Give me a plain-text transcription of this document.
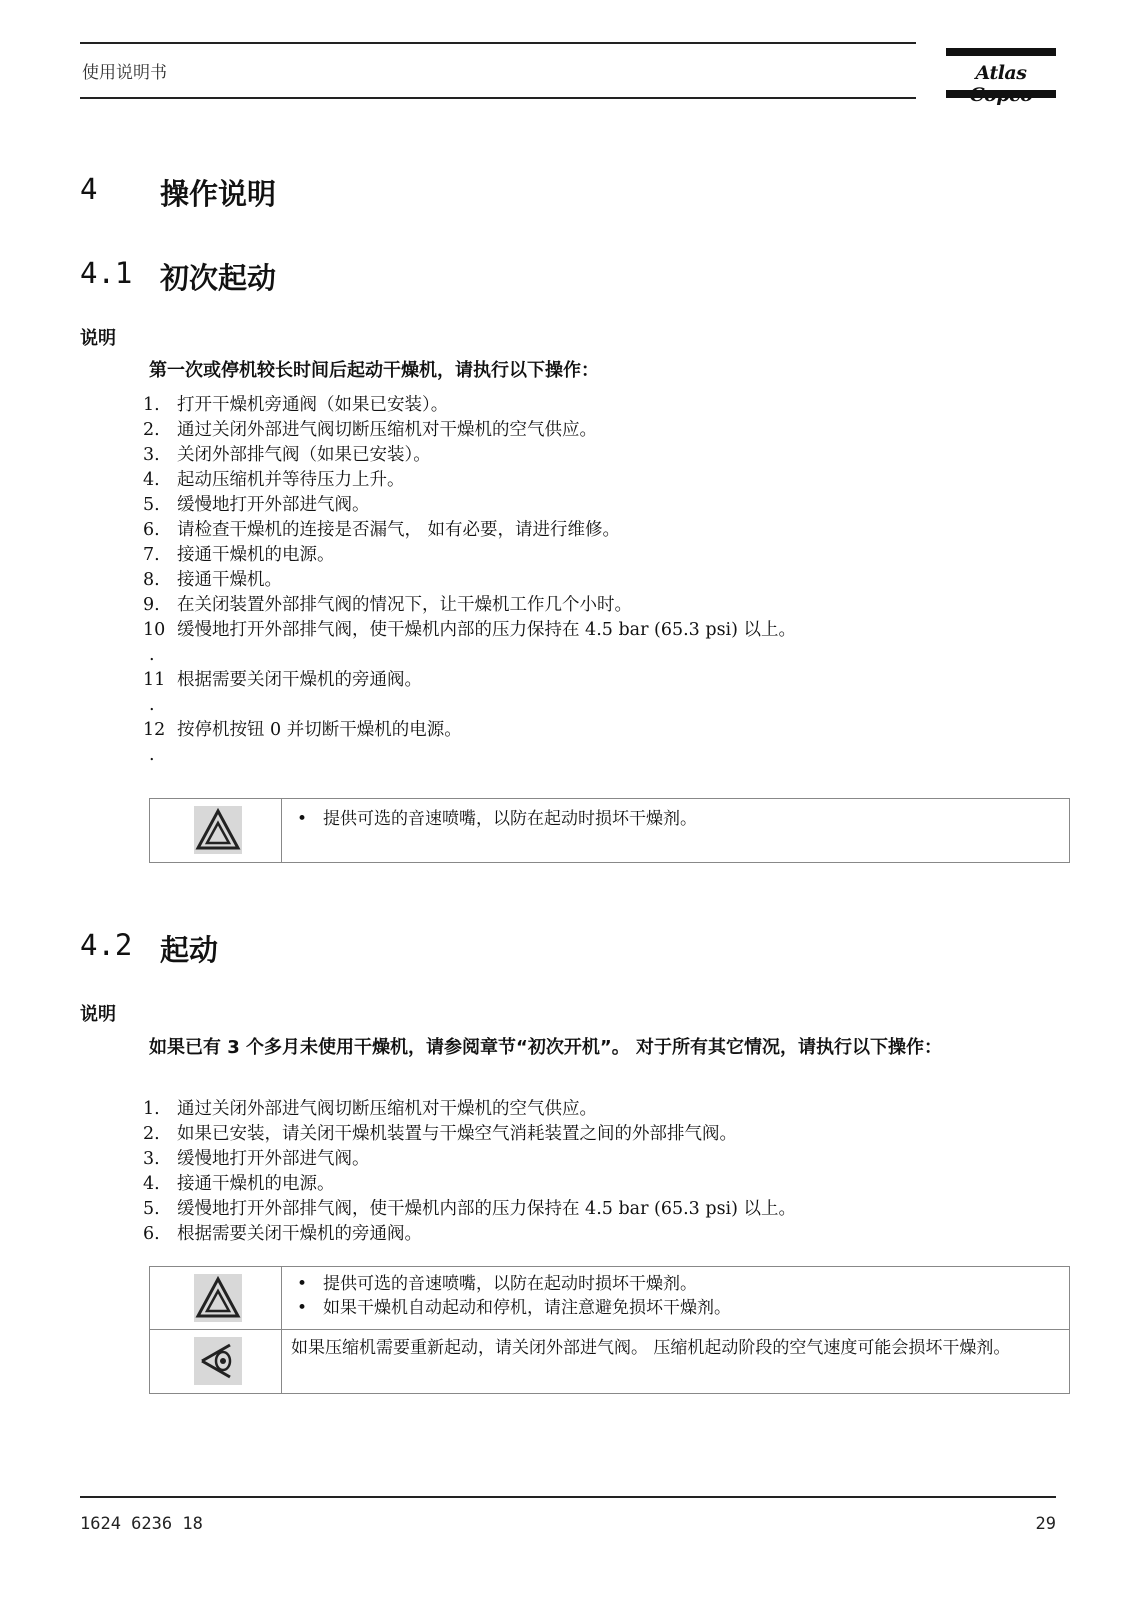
使用说明书	Atlas
4 操作说明
4.1 初次起动
说明
第一次或停机较长时间后起动干燥机，请执行以下操作：
1. 打开干燥机旁通阀（如果已安装）。
2. 通过关闭外部进气阀切断压缩机对干燥机的空气供应。
3. 关闭外部排气阀（如果已安装）。
4. 起动压缩机并等待压力上升。
5. 缓慢地打开外部进气阀。
6. 请检查干燥机的连接是否漏气， 如有必要，请进行维修。
7. 接通干燥机的电源。
8. 接通干燥机。
9. 在关闭装置外部排气阀的情况下，让干燥机工作几个小时。
10
.
缓慢地打开外部排气阀，使干燥机内部的压力保持在 4.5 bar (65.3 psi) 以上。
11
.
根据需要关闭干燥机的旁通阀。
12
.
按停机按钮 0 并切断干燥机的电源。
• 提供可选的音速喷嘴，以防在起动时损坏干燥剂。
4.2 起动
说明
如果已有 3 个多月未使用干燥机，请参阅章节“初次开机”。 对于所有其它情况，请执行以下操作：
1. 通过关闭外部进气阀切断压缩机对干燥机的空气供应。
2. 如果已安装，请关闭干燥机装置与干燥空气消耗装置之间的外部排气阀。
3. 缓慢地打开外部进气阀。
4. 接通干燥机的电源。
5. 缓慢地打开外部排气阀，使干燥机内部的压力保持在 4.5 bar (65.3 psi) 以上。
6. 根据需要关闭干燥机的旁通阀。
• 提供可选的音速喷嘴，以防在起动时损坏干燥剂。
• 如果干燥机自动起动和停机，请注意避免损坏干燥剂。
如果压缩机需要重新起动，请关闭外部进气阀。 压缩机起动阶段的空气速度可能会损坏干燥剂。
1624 6236 18	29
